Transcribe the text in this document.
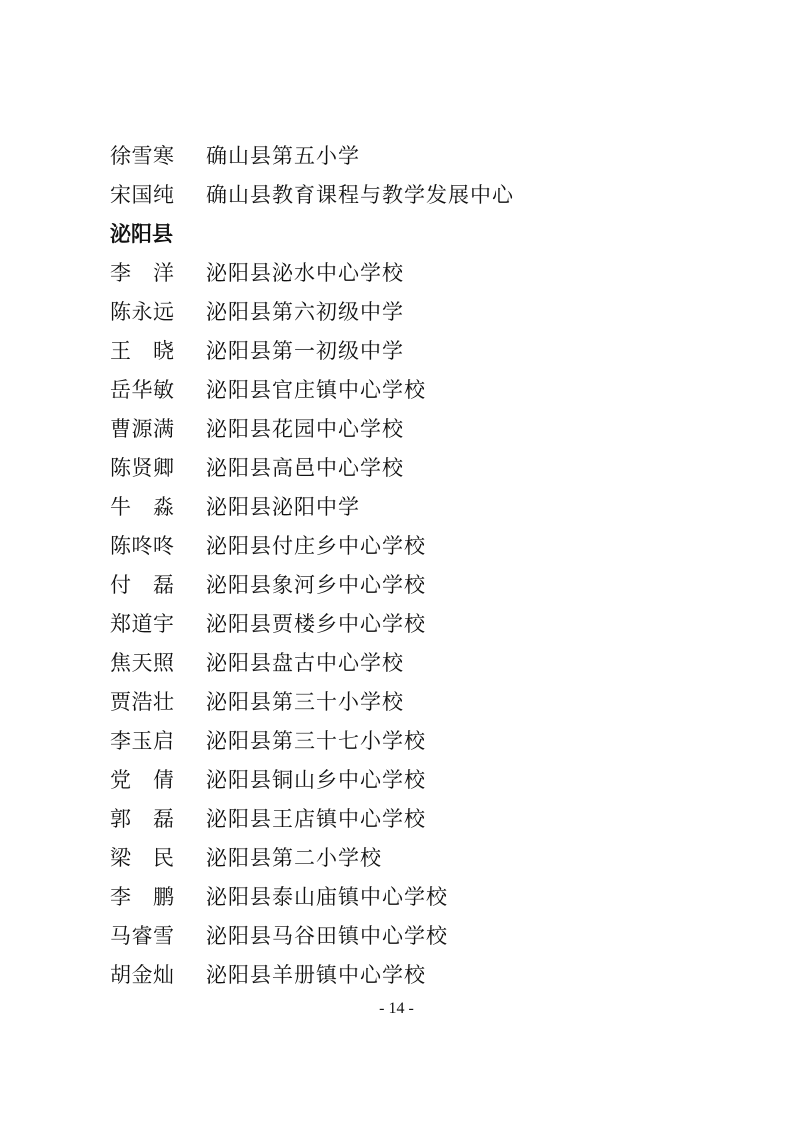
徐雪寒 确山县第五小学
宋国纯 确山县教育课程与教学发展中心
泌阳县
李　洋 泌阳县泌水中心学校
陈永远 泌阳县第六初级中学
王　晓 泌阳县第一初级中学
岳华敏 泌阳县官庄镇中心学校
曹源满 泌阳县花园中心学校
陈贤卿 泌阳县高邑中心学校
牛　淼 泌阳县泌阳中学
陈咚咚 泌阳县付庄乡中心学校
付　磊 泌阳县象河乡中心学校
郑道宇 泌阳县贾楼乡中心学校
焦天照 泌阳县盘古中心学校
贾浩壮 泌阳县第三十小学校
李玉启 泌阳县第三十七小学校
党　倩 泌阳县铜山乡中心学校
郭　磊 泌阳县王店镇中心学校
梁　民 泌阳县第二小学校
李　鹏 泌阳县泰山庙镇中心学校
马睿雪 泌阳县马谷田镇中心学校
胡金灿 泌阳县羊册镇中心学校
- 14 -
